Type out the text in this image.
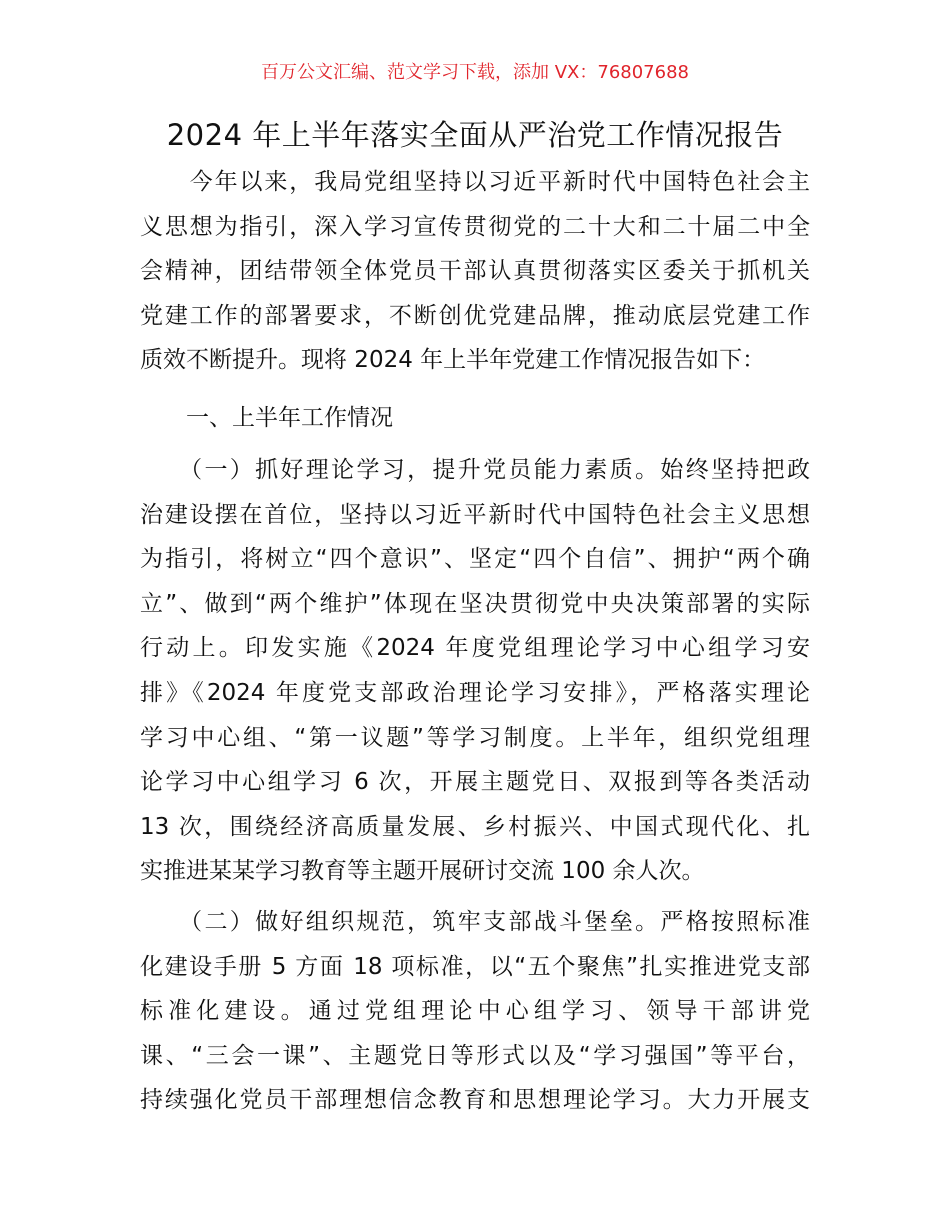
百万公文汇编、范文学习下载，添加 VX：76807688
2024 年上半年落实全面从严治党工作情况报告
　　今年以来，我局党组坚持以习近平新时代中国特色社会主
义思想为指引，深入学习宣传贯彻党的二十大和二十届二中全
会精神，团结带领全体党员干部认真贯彻落实区委关于抓机关
党建工作的部署要求，不断创优党建品牌，推动底层党建工作
质效不断提升。现将 2024 年上半年党建工作情况报告如下：
　　一、上半年工作情况
　　（一）抓好理论学习，提升党员能力素质。始终坚持把政
治建设摆在首位，坚持以习近平新时代中国特色社会主义思想
为指引，将树立“四个意识”、坚定“四个自信”、拥护“两个确
立”、做到“两个维护”体现在坚决贯彻党中央决策部署的实际
行动上。印发实施《2024 年度党组理论学习中心组学习安
排》《2024 年度党支部政治理论学习安排》，严格落实理论
学习中心组、“第一议题”等学习制度。上半年，组织党组理
论学习中心组学习 6 次，开展主题党日、双报到等各类活动
13 次，围绕经济高质量发展、乡村振兴、中国式现代化、扎
实推进某某学习教育等主题开展研讨交流 100 余人次。
　　（二）做好组织规范，筑牢支部战斗堡垒。严格按照标准
化建设手册 5 方面 18 项标准，以“五个聚焦”扎实推进党支部
标准化建设。通过党组理论中心组学习、领导干部讲党
课、“三会一课”、主题党日等形式以及“学习强国”等平台，
持续强化党员干部理想信念教育和思想理论学习。大力开展支
